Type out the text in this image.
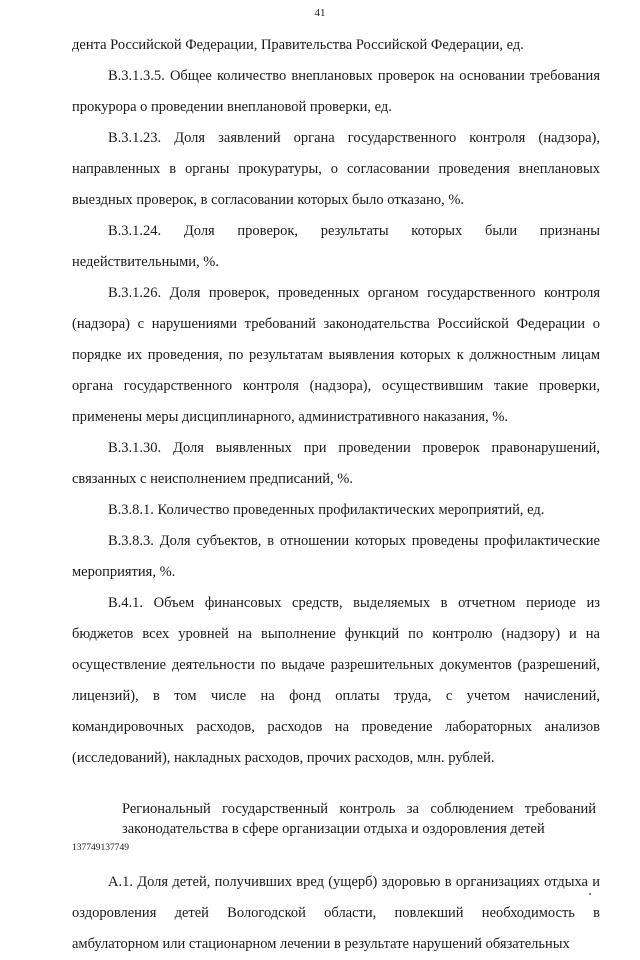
41

дента Российской Федерации, Правительства Российской Федерации, ед.

В.3.1.3.5. Общее количество внеплановых проверок на основании требования прокурора о проведении внеплановой проверки, ед.

В.3.1.23. Доля заявлений органа государственного контроля (надзора), направленных в органы прокуратуры, о согласовании проведения внеплановых выездных проверок, в согласовании которых было отказано, %.

В.3.1.24. Доля проверок, результаты которых были признаны недействительными, %.

В.3.1.26. Доля проверок, проведенных органом государственного контроля (надзора) с нарушениями требований законодательства Российской Федерации о порядке их проведения, по результатам выявления которых к должностным лицам органа государственного контроля (надзора), осуществившим такие проверки, применены меры дисциплинарного, административного наказания, %.

В.3.1.30. Доля выявленных при проведении проверок правонарушений, связанных с неисполнением предписаний, %.

В.3.8.1. Количество проведенных профилактических мероприятий, ед.

В.3.8.3. Доля субъектов, в отношении которых проведены профилактические мероприятия, %.

В.4.1. Объем финансовых средств, выделяемых в отчетном периоде из бюджетов всех уровней на выполнение функций по контролю (надзору) и на осуществление деятельности по выдаче разрешительных документов (разрешений, лицензий), в том числе на фонд оплаты труда, с учетом начислений, командировочных расходов, расходов на проведение лабораторных анализов (исследований), накладных расходов, прочих расходов, млн. рублей.

Региональный государственный контроль за соблюдением требований законодательства в сфере организации отдыха и оздоровления детей

А.1. Доля детей, получивших вред (ущерб) здоровью в организациях отдыха и оздоровления детей Вологодской области, повлекший необходимость в амбулаторном или стационарном лечении в результате нарушений обязательных

137749137749
